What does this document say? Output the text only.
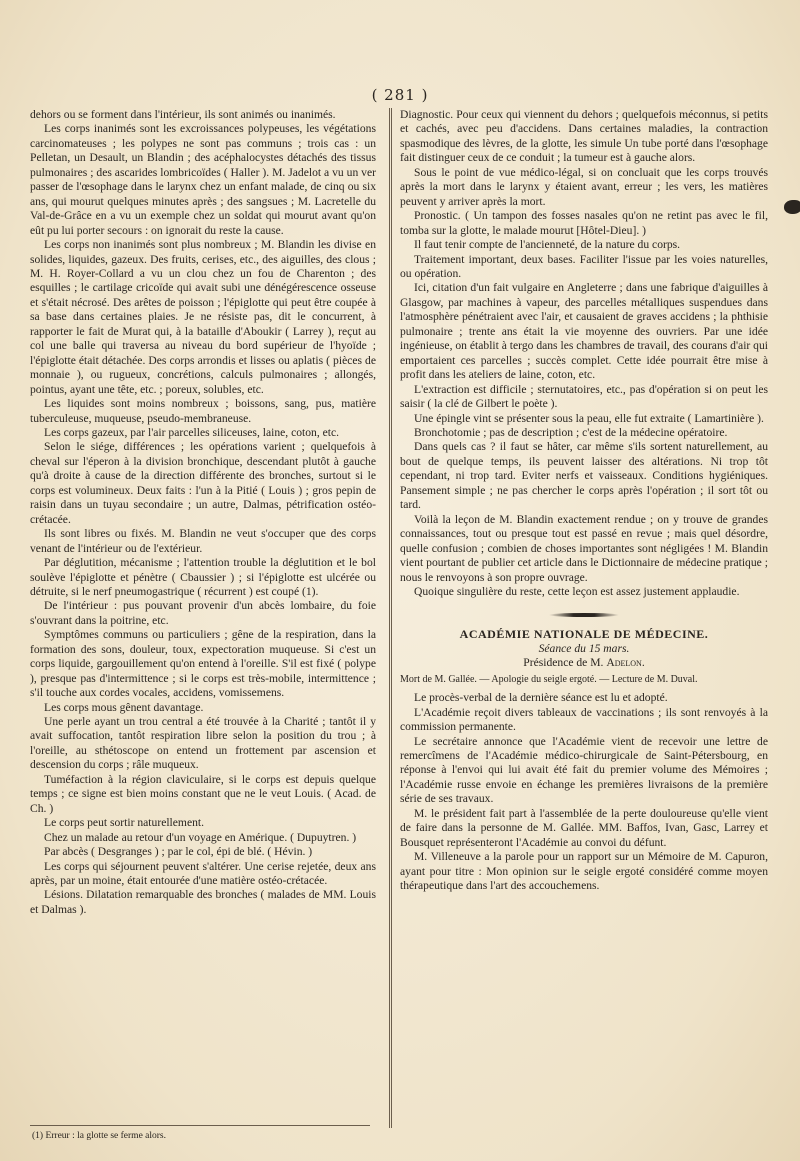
( 281 )

dehors ou se forment dans l'intérieur, ils sont animés ou inanimés.

Les corps inanimés sont les excroissances polypeuses, les végétations carcinomateuses ; les polypes ne sont pas communs ; trois cas : un Pelletan, un Desault, un Blandin ; des acéphalocystes détachés des tissus pulmonaires ; des ascarides lombricoïdes ( Haller ). M. Jadelot a vu un ver passer de l'œsophage dans le larynx chez un enfant malade, de cinq ou six ans, qui mourut quelques minutes après ; des sangsues ; M. Lacretelle du Val-de-Grâce en a vu un exemple chez un soldat qui mourut avant qu'on eût pu lui porter secours : on ignorait du reste la cause.

Les corps non inanimés sont plus nombreux ; M. Blandin les divise en solides, liquides, gazeux. Des fruits, cerises, etc., des aiguilles, des clous ; M. H. Royer-Collard a vu un clou chez un fou de Charenton ; des esquilles ; le cartilage cricoïde qui avait subi une dénégérescence osseuse et s'était nécrosé. Des arêtes de poisson ; l'épiglotte qui peut être coupée à sa base dans certaines plaies. Je ne résiste pas, dit le concurrent, à rapporter le fait de Murat qui, à la bataille d'Aboukir ( Larrey ), reçut au col une balle qui traversa au niveau du bord supérieur de l'hyoïde ; l'épiglotte était détachée. Des corps arrondis et lisses ou aplatis ( pièces de monnaie ), ou rugueux, concrétions, calculs pulmonaires ; allongés, pointus, ayant une tête, etc. ; poreux, solubles, etc.

Les liquides sont moins nombreux ; boissons, sang, pus, matière tuberculeuse, muqueuse, pseudo-membraneuse.

Les corps gazeux, par l'air parcelles siliceuses, laine, coton, etc.

Selon le siége, différences ; les opérations varient ; quelquefois à cheval sur l'éperon à la division bronchique, descendant plutôt à gauche qu'à droite à cause de la direction différente des bronches, surtout si le corps est volumineux. Deux faits : l'un à la Pitié ( Louis ) ; gros pepin de raisin dans un tuyau secondaire ; un autre, Dalmas, pétrification ostéo-crétacée.

Ils sont libres ou fixés. M. Blandin ne veut s'occuper que des corps venant de l'intérieur ou de l'extérieur.

Par déglutition, mécanisme ; l'attention trouble la déglutition et le bol soulève l'épiglotte et pénètre ( Cbaussier ) ; si l'épiglotte est ulcérée ou détruite, si le nerf pneumogastrique ( récurrent ) est coupé (1).

De l'intérieur : pus pouvant provenir d'un abcès lombaire, du foie s'ouvrant dans la poitrine, etc.

Symptômes communs ou particuliers ; gêne de la respiration, dans la formation des sons, douleur, toux, expectoration muqueuse. Si c'est un corps liquide, gargouillement qu'on entend à l'oreille. S'il est fixé ( polype ), presque pas d'intermittence ; si le corps est très-mobile, intermittence ; s'il touche aux cordes vocales, accidens, vomissemens.

Les corps mous gênent davantage.

Une perle ayant un trou central a été trouvée à la Charité ; tantôt il y avait suffocation, tantôt respiration libre selon la position du trou ; à l'oreille, au sthétoscope on entend un frottement par ascension et descension du corps ; râle muqueux.

Tuméfaction à la région claviculaire, si le corps est depuis quelque temps ; ce signe est bien moins constant que ne le veut Louis. ( Acad. de Ch. )

Le corps peut sortir naturellement.

Chez un malade au retour d'un voyage en Amérique. ( Dupuytren. )

Par abcès ( Desgranges ) ; par le col, épi de blé. ( Hévin. )

Les corps qui séjournent peuvent s'altérer. Une cerise rejetée, deux ans après, par un moine, était entourée d'une matière ostéo-crétacée.

Lésions. Dilatation remarquable des bronches ( malades de MM. Louis et Dalmas ).

Diagnostic. Pour ceux qui viennent du dehors ; quelquefois méconnus, si petits et cachés, avec peu d'accidens. Dans certaines maladies, la contraction spasmodique des lèvres, de la glotte, les simule Un tube porté dans l'œsophage fait distinguer ceux de ce conduit ; la tumeur est à gauche alors.

Sous le point de vue médico-légal, si on concluait que les corps trouvés après la mort dans le larynx y étaient avant, erreur ; les vers, les matières peuvent y arriver après la mort.

Pronostic. ( Un tampon des fosses nasales qu'on ne retint pas avec le fil, tomba sur la glotte, le malade mourut [Hôtel-Dieu]. )

Il faut tenir compte de l'ancienneté, de la nature du corps.

Traitement important, deux bases. Faciliter l'issue par les voies naturelles, ou opération.

Ici, citation d'un fait vulgaire en Angleterre ; dans une fabrique d'aiguilles à Glasgow, par machines à vapeur, des parcelles métalliques suspendues dans l'atmosphère pénétraient avec l'air, et causaient de graves accidens ; la phthisie pulmonaire ; trente ans était la vie moyenne des ouvriers. Par une idée ingénieuse, on établit à tergo dans les chambres de travail, des courans d'air qui emportaient ces parcelles ; succès complet. Cette idée pourrait être mise à profit dans les ateliers de laine, coton, etc.

L'extraction est difficile ; sternutatoires, etc., pas d'opération si on peut les saisir ( la clé de Gilbert le poète ).

Une épingle vint se présenter sous la peau, elle fut extraite ( Lamartinière ).

Bronchotomie ; pas de description ; c'est de la médecine opératoire.

Dans quels cas ? il faut se hâter, car même s'ils sortent naturellement, au bout de quelque temps, ils peuvent laisser des altérations. Ni trop tôt cependant, ni trop tard. Eviter nerfs et vaisseaux. Conditions hygiéniques. Pansement simple ; ne pas chercher le corps après l'opération ; il sort tôt ou tard.

Voilà la leçon de M. Blandin exactement rendue ; on y trouve de grandes connaissances, tout ou presque tout est passé en revue ; mais quel désordre, quelle confusion ; combien de choses importantes sont négligées ! M. Blandin vient pourtant de publier cet article dans le Dictionnaire de médecine pratique ; nous le renvoyons à son propre ouvrage.

Quoique singulière du reste, cette leçon est assez justement applaudie.

ACADÉMIE NATIONALE DE MÉDECINE.

Séance du 15 mars.

Présidence de M. Adelon.

Mort de M. Gallée. — Apologie du seigle ergoté. — Lecture de M. Duval.

Le procès-verbal de la dernière séance est lu et adopté.

L'Académie reçoit divers tableaux de vaccinations ; ils sont renvoyés à la commission permanente.

Le secrétaire annonce que l'Académie vient de recevoir une lettre de remercîmens de l'Académie médico-chirurgicale de Saint-Pétersbourg, en réponse à l'envoi qui lui avait été fait du premier volume des Mémoires ; l'Académie russe envoie en échange les premières livraisons de la première série de ses travaux.

M. le président fait part à l'assemblée de la perte douloureuse qu'elle vient de faire dans la personne de M. Gallée. MM. Baffos, Ivan, Gasc, Larrey et Bousquet représenteront l'Académie au convoi du défunt.

M. Villeneuve a la parole pour un rapport sur un Mémoire de M. Capuron, ayant pour titre : Mon opinion sur le seigle ergoté considéré comme moyen thérapeutique dans l'art des accouchemens.

(1) Erreur : la glotte se ferme alors.
